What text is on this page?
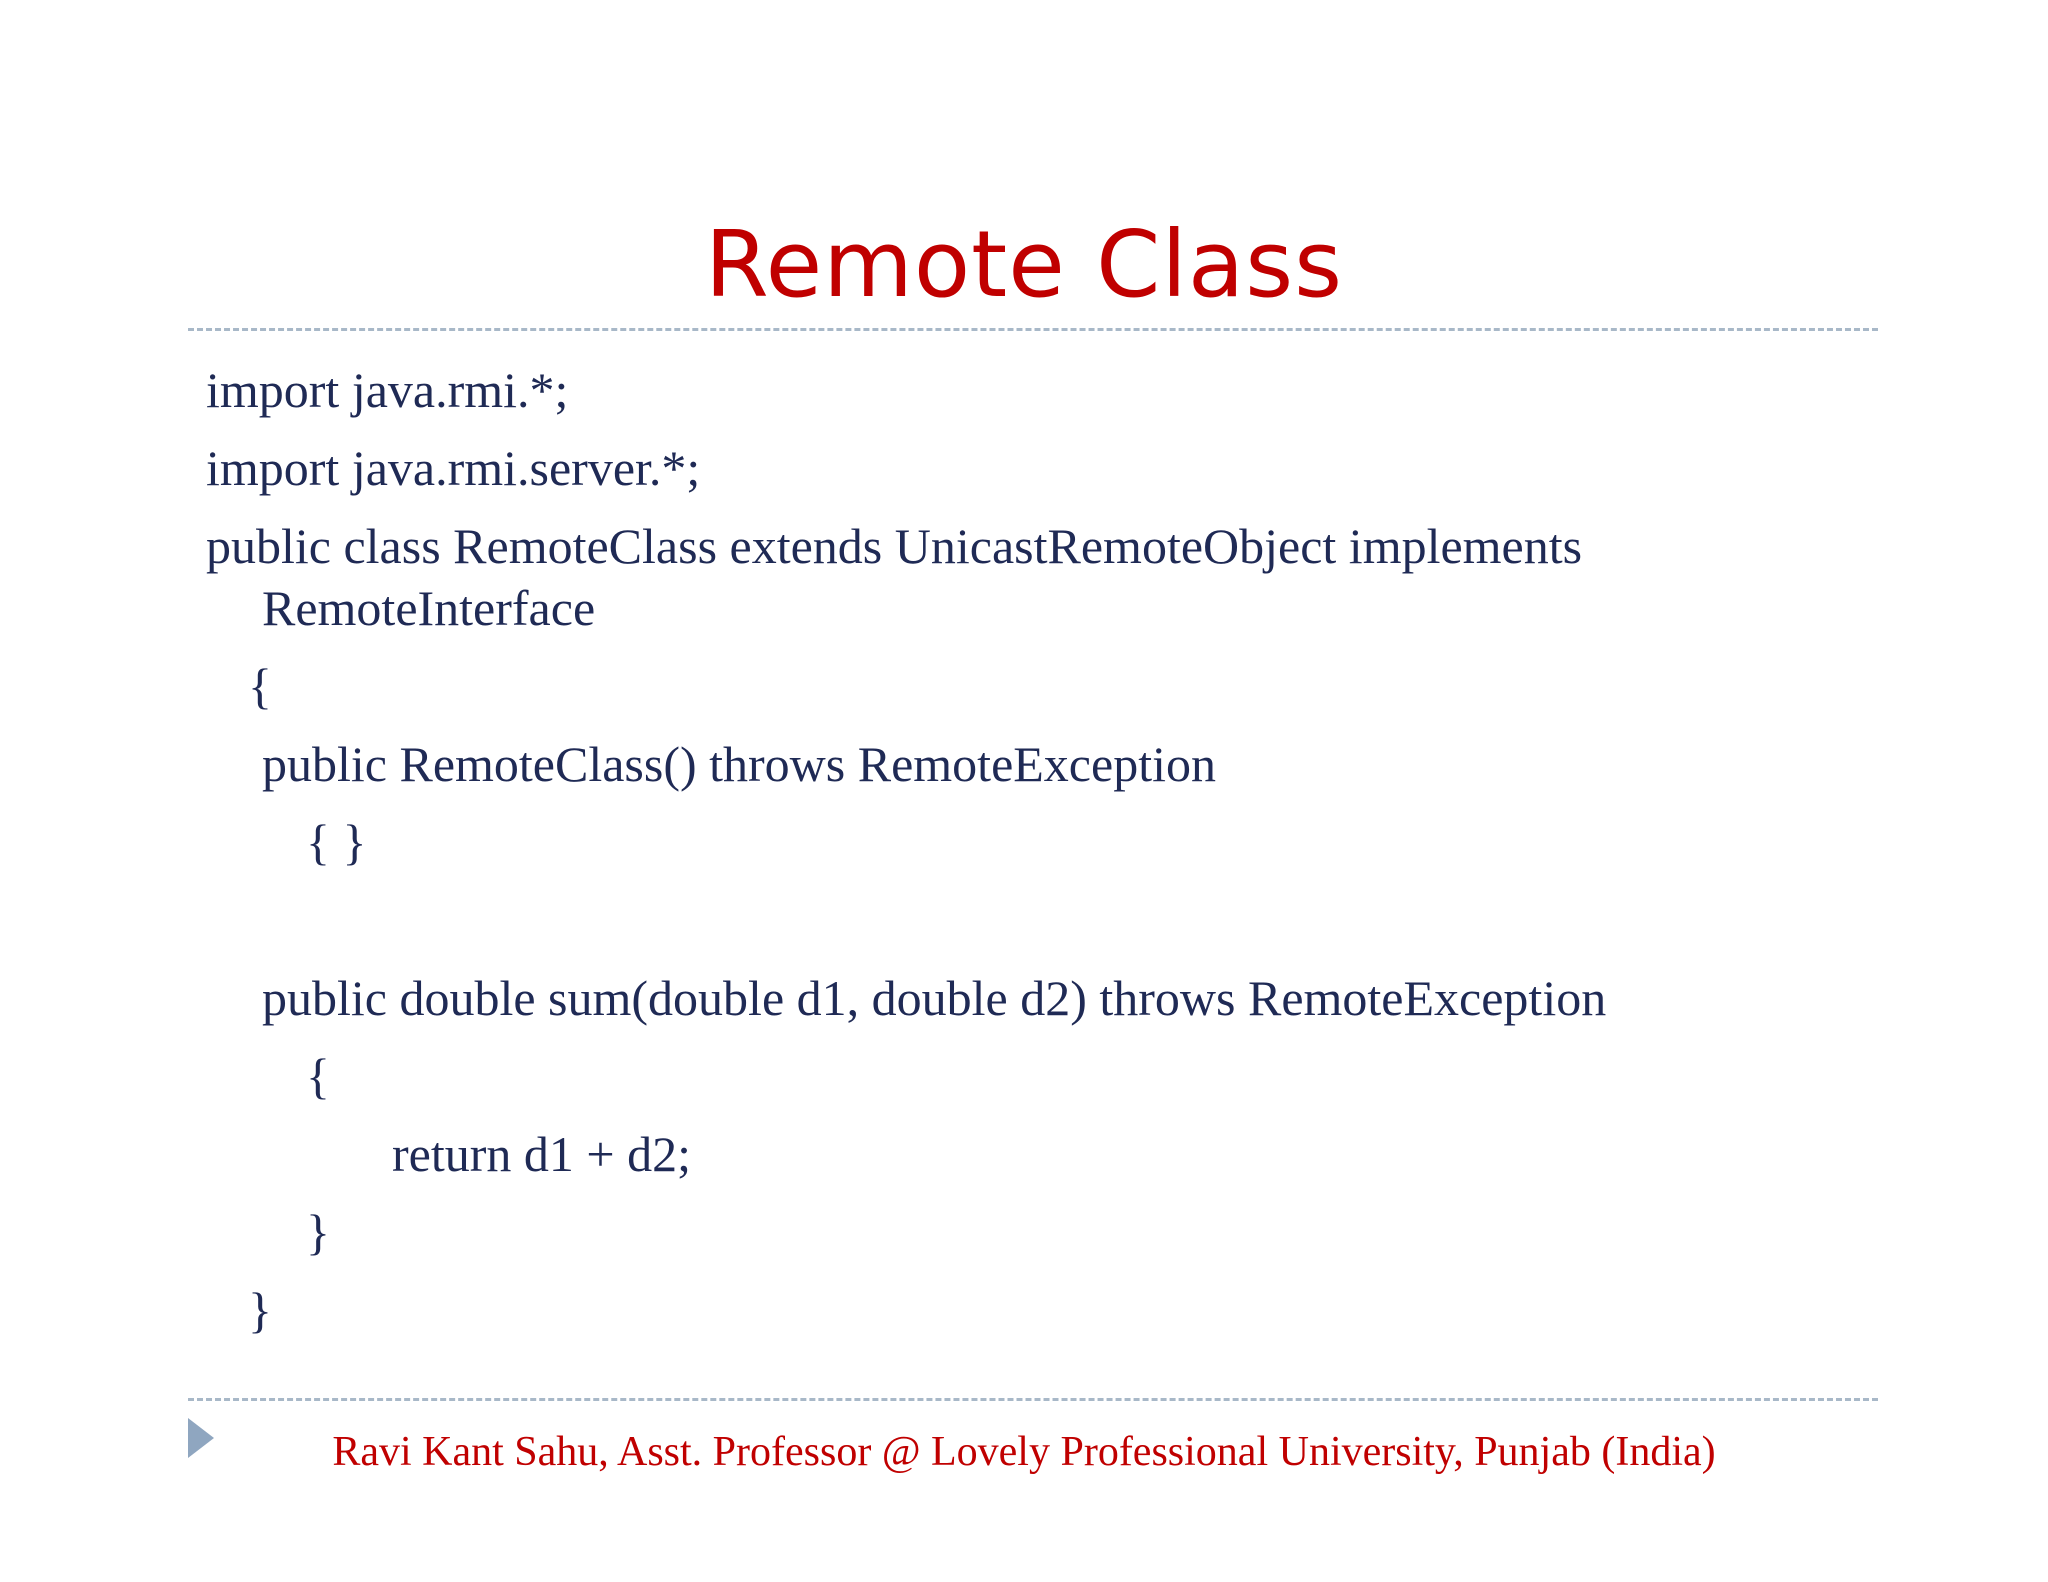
Remote Class
import java.rmi.*;
import java.rmi.server.*;
public class RemoteClass extends UnicastRemoteObject implements
RemoteInterface
{
public RemoteClass() throws RemoteException
{ }
public double sum(double d1, double d2) throws RemoteException
{
return d1 + d2;
}
}
Ravi Kant Sahu, Asst. Professor @ Lovely Professional University, Punjab (India)
